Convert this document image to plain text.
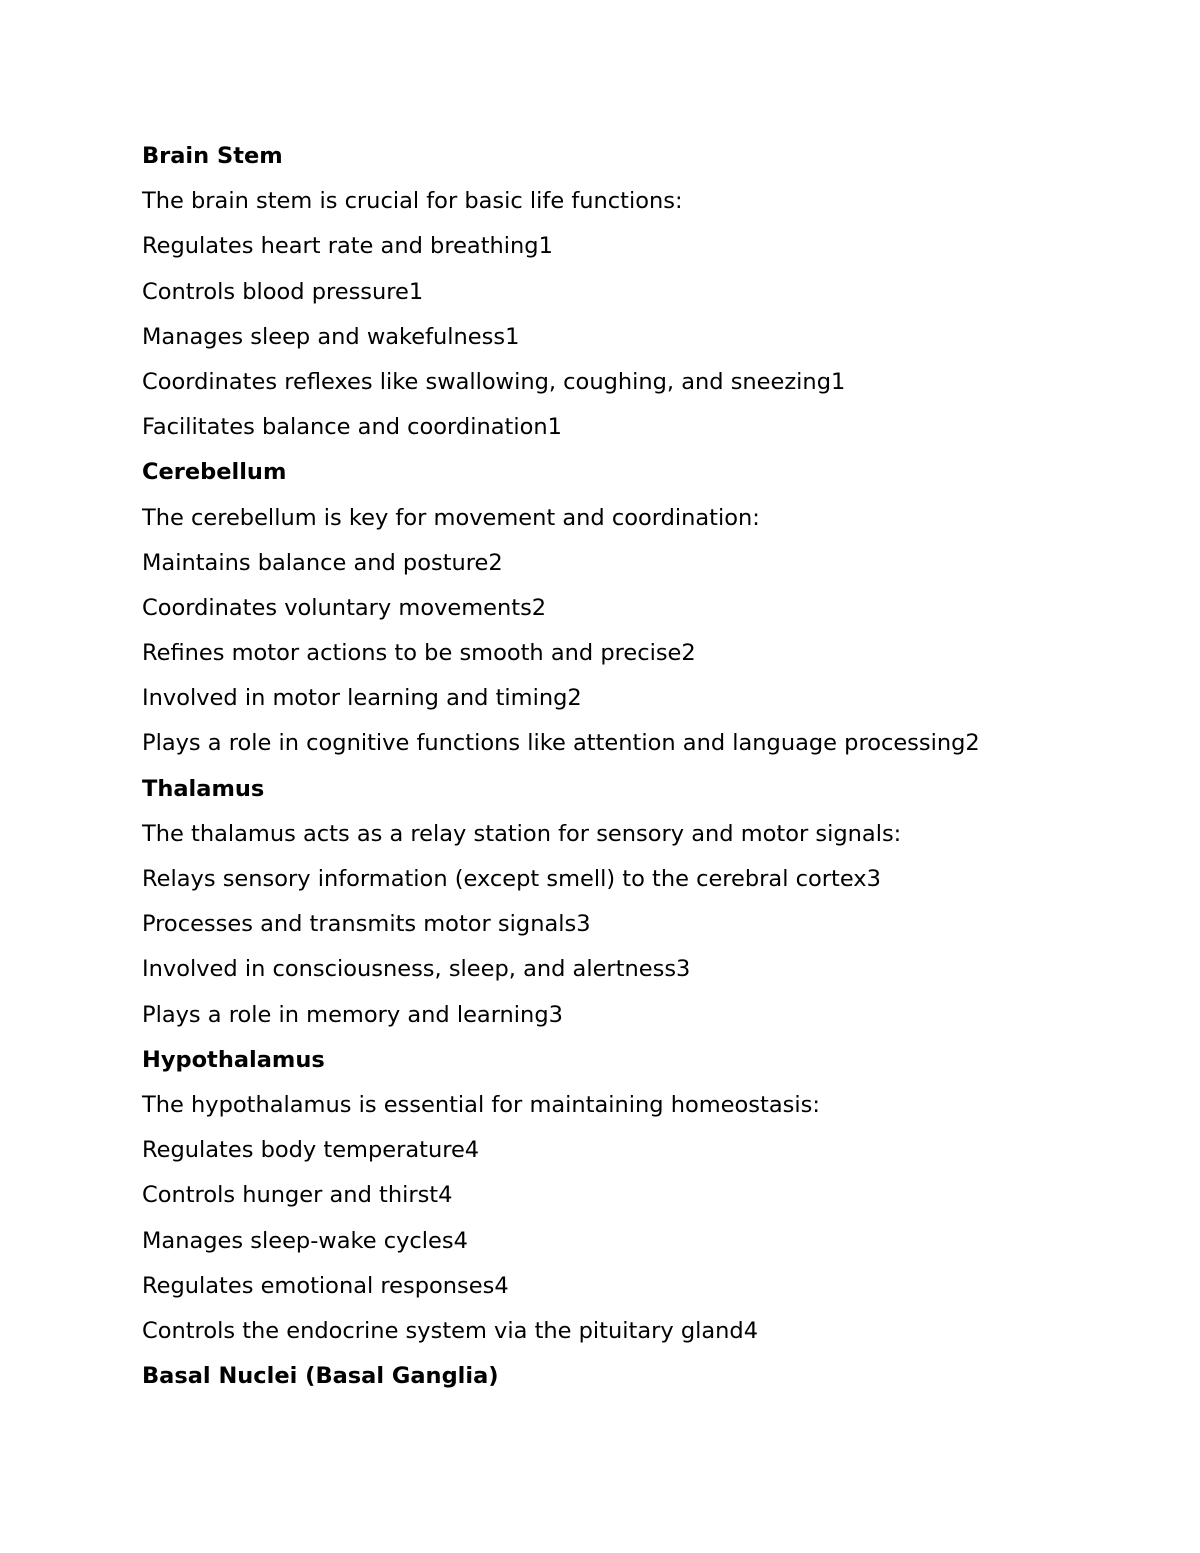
Brain Stem
The brain stem is crucial for basic life functions:
Regulates heart rate and breathing1
Controls blood pressure1
Manages sleep and wakefulness1
Coordinates reflexes like swallowing, coughing, and sneezing1
Facilitates balance and coordination1
Cerebellum
The cerebellum is key for movement and coordination:
Maintains balance and posture2
Coordinates voluntary movements2
Refines motor actions to be smooth and precise2
Involved in motor learning and timing2
Plays a role in cognitive functions like attention and language processing2
Thalamus
The thalamus acts as a relay station for sensory and motor signals:
Relays sensory information (except smell) to the cerebral cortex3
Processes and transmits motor signals3
Involved in consciousness, sleep, and alertness3
Plays a role in memory and learning3
Hypothalamus
The hypothalamus is essential for maintaining homeostasis:
Regulates body temperature4
Controls hunger and thirst4
Manages sleep-wake cycles4
Regulates emotional responses4
Controls the endocrine system via the pituitary gland4
Basal Nuclei (Basal Ganglia)
